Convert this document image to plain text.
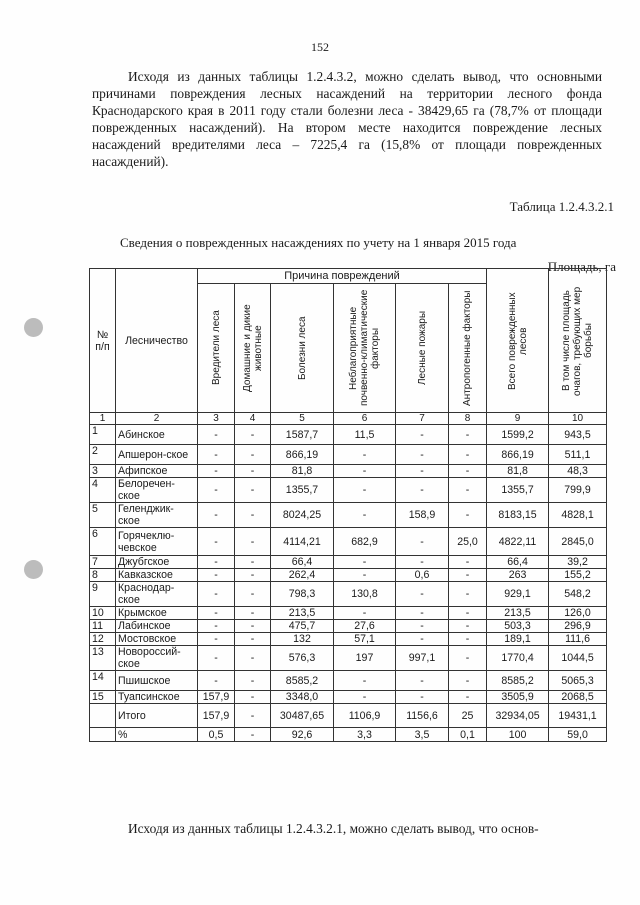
152

Исходя из данных таблицы 1.2.4.3.2, можно сделать вывод, что основными причинами повреждения лесных насаждений на территории лесного фонда Краснодарского края в 2011 году стали болезни леса - 38429,65 га (78,7% от площади поврежденных насаждений). На втором месте находится повреждение лесных насаждений вредителями леса – 7225,4 га (15,8% от площади поврежденных насаждений).

Таблица 1.2.4.3.2.1
Сведения о поврежденных насаждениях по учету на 1 января 2015 года
Площадь, га
№ п/п	Лесничество	Причина повреждений						Всего поврежденных лесов	В том числе площадь очагов, требующих мер борьбы

		Вредители леса	Домашние и дикие животные	Болезни леса	Неблагоприятные почвенно-климатические факторы	Лесные пожары	Антропогенные факторы		

1	2	3	4	5	6	7	8	9	10
1	Абинское	-	-	1587,7	11,5	-	-	1599,2	943,5
2	Апшерон-ское	-	-	866,19	-	-	-	866,19	511,1
3	Афипское	-	-	81,8	-	-	-	81,8	48,3
4	Белоречен-ское	-	-	1355,7	-	-	-	1355,7	799,9
5	Геленджик-ское	-	-	8024,25	-	158,9	-	8183,15	4828,1
6	Горячеклю-чевское	-	-	4114,21	682,9	-	25,0	4822,11	2845,0
7	Джубгское	-	-	66,4	-	-	-	66,4	39,2
8	Кавказское	-	-	262,4	-	0,6	-	263	155,2
9	Краснодар-ское	-	-	798,3	130,8	-	-	929,1	548,2
10	Крымское	-	-	213,5	-	-	-	213,5	126,0
11	Лабинское	-	-	475,7	27,6	-	-	503,3	296,9
12	Мостовское	-	-	132	57,1	-	-	189,1	111,6
13	Новороссий-ское	-	-	576,3	197	997,1	-	1770,4	1044,5
14	Пшишское	-	-	8585,2	-	-	-	8585,2	5065,3
15	Туапсинское	157,9	-	3348,0	-	-	-	3505,9	2068,5
	Итого	157,9	-	30487,65	1106,9	1156,6	25	32934,05	19431,1
	%	0,5	-	92,6	3,3	3,5	0,1	100	59,0

Исходя из данных таблицы 1.2.4.3.2.1, можно сделать вывод, что основ-
